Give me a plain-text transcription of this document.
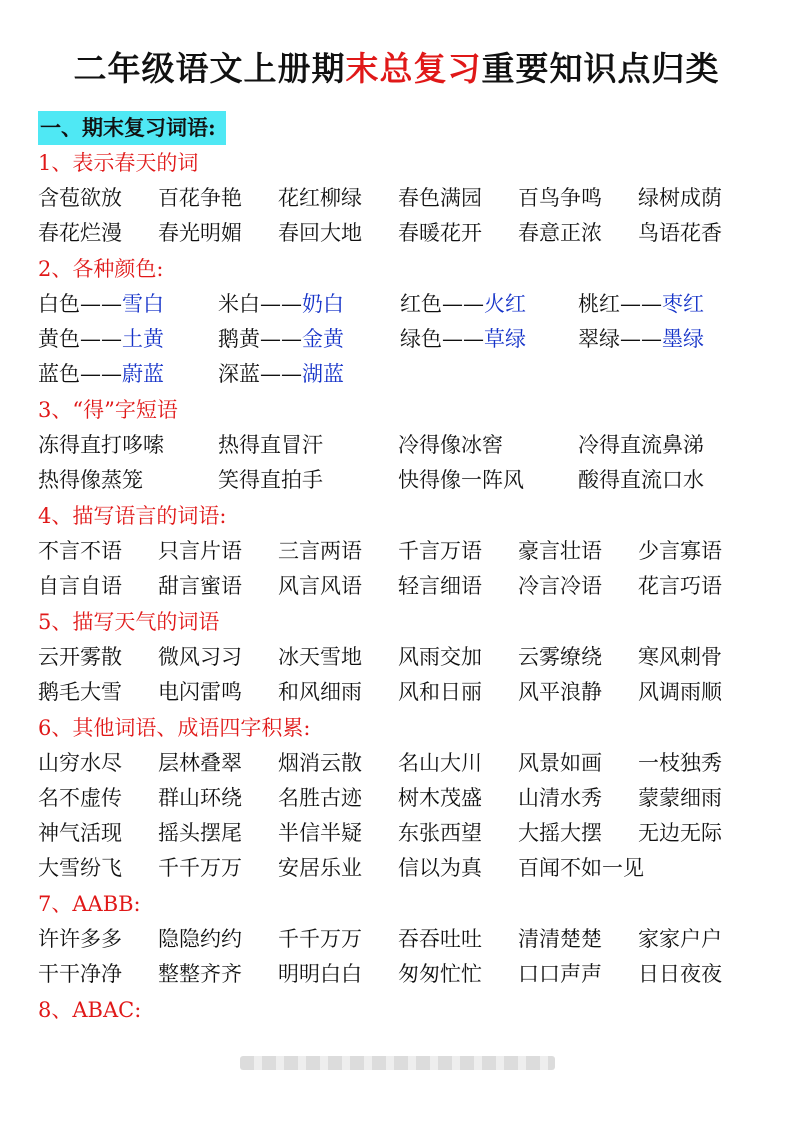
二年级语文上册期末总复习重要知识点归类
一、期末复习词语:
1、表示春天的词
含苞欲放 百花争艳 花红柳绿 春色满园 百鸟争鸣 绿树成荫
春花烂漫 春光明媚 春回大地 春暖花开 春意正浓 鸟语花香
2、各种颜色:
白色——雪白	米白——奶白	红色——火红 桃红——枣红
黄色——土黄	鹅黄——金黄	绿色——草绿 翠绿——墨绿
蓝色——蔚蓝	深蓝——湖蓝
3、“得”字短语
冻得直打哆嗦	热得直冒汗	冷得像冰窖	冷得直流鼻涕
热得像蒸笼	笑得直拍手	快得像一阵风	酸得直流口水
4、描写语言的词语:
不言不语 只言片语 三言两语 千言万语 豪言壮语 少言寡语
自言自语 甜言蜜语 风言风语 轻言细语 冷言冷语 花言巧语
5、描写天气的词语
云开雾散 微风习习 冰天雪地 风雨交加 云雾缭绕 寒风刺骨
鹅毛大雪 电闪雷鸣 和风细雨 风和日丽 风平浪静 风调雨顺
6、其他词语、成语四字积累:
山穷水尽 层林叠翠 烟消云散 名山大川 风景如画 一枝独秀
名不虚传 群山环绕 名胜古迹 树木茂盛 山清水秀 蒙蒙细雨
神气活现 摇头摆尾 半信半疑 东张西望 大摇大摆 无边无际
大雪纷飞 千千万万 安居乐业 信以为真 百闻不如一见
7、AABB:
许许多多 隐隐约约 千千万万 吞吞吐吐 清清楚楚 家家户户
干干净净 整整齐齐 明明白白 匆匆忙忙 口口声声 日日夜夜
8、ABAC:
